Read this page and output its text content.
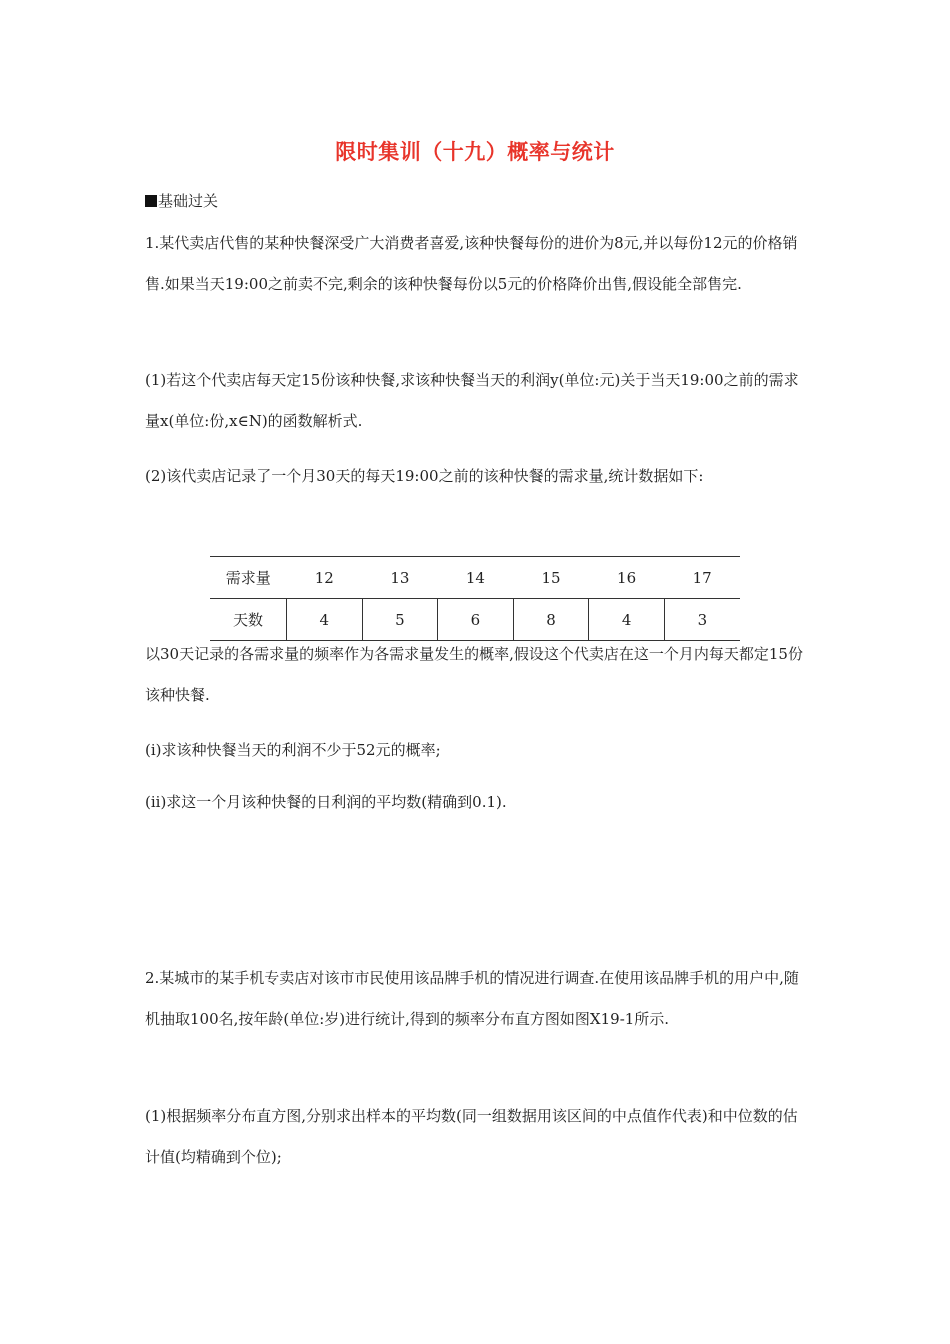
限时集训（十九）概率与统计
基础过关
1.某代卖店代售的某种快餐深受广大消费者喜爱,该种快餐每份的进价为8元,并以每份12元的价格销售.如果当天19:00之前卖不完,剩余的该种快餐每份以5元的价格降价出售,假设能全部售完.
(1)若这个代卖店每天定15份该种快餐,求该种快餐当天的利润y(单位:元)关于当天19:00之前的需求量x(单位:份,x∈N)的函数解析式.
(2)该代卖店记录了一个月30天的每天19:00之前的该种快餐的需求量,统计数据如下:
需求量	12	13	14	15	16	17
天数	4	5	6	8	4	3
以30天记录的各需求量的频率作为各需求量发生的概率,假设这个代卖店在这一个月内每天都定15份该种快餐.
(i)求该种快餐当天的利润不少于52元的概率;
(ii)求这一个月该种快餐的日利润的平均数(精确到0.1).
2.某城市的某手机专卖店对该市市民使用该品牌手机的情况进行调查.在使用该品牌手机的用户中,随机抽取100名,按年龄(单位:岁)进行统计,得到的频率分布直方图如图X19-1所示.
(1)根据频率分布直方图,分别求出样本的平均数(同一组数据用该区间的中点值作代表)和中位数的估计值(均精确到个位);
